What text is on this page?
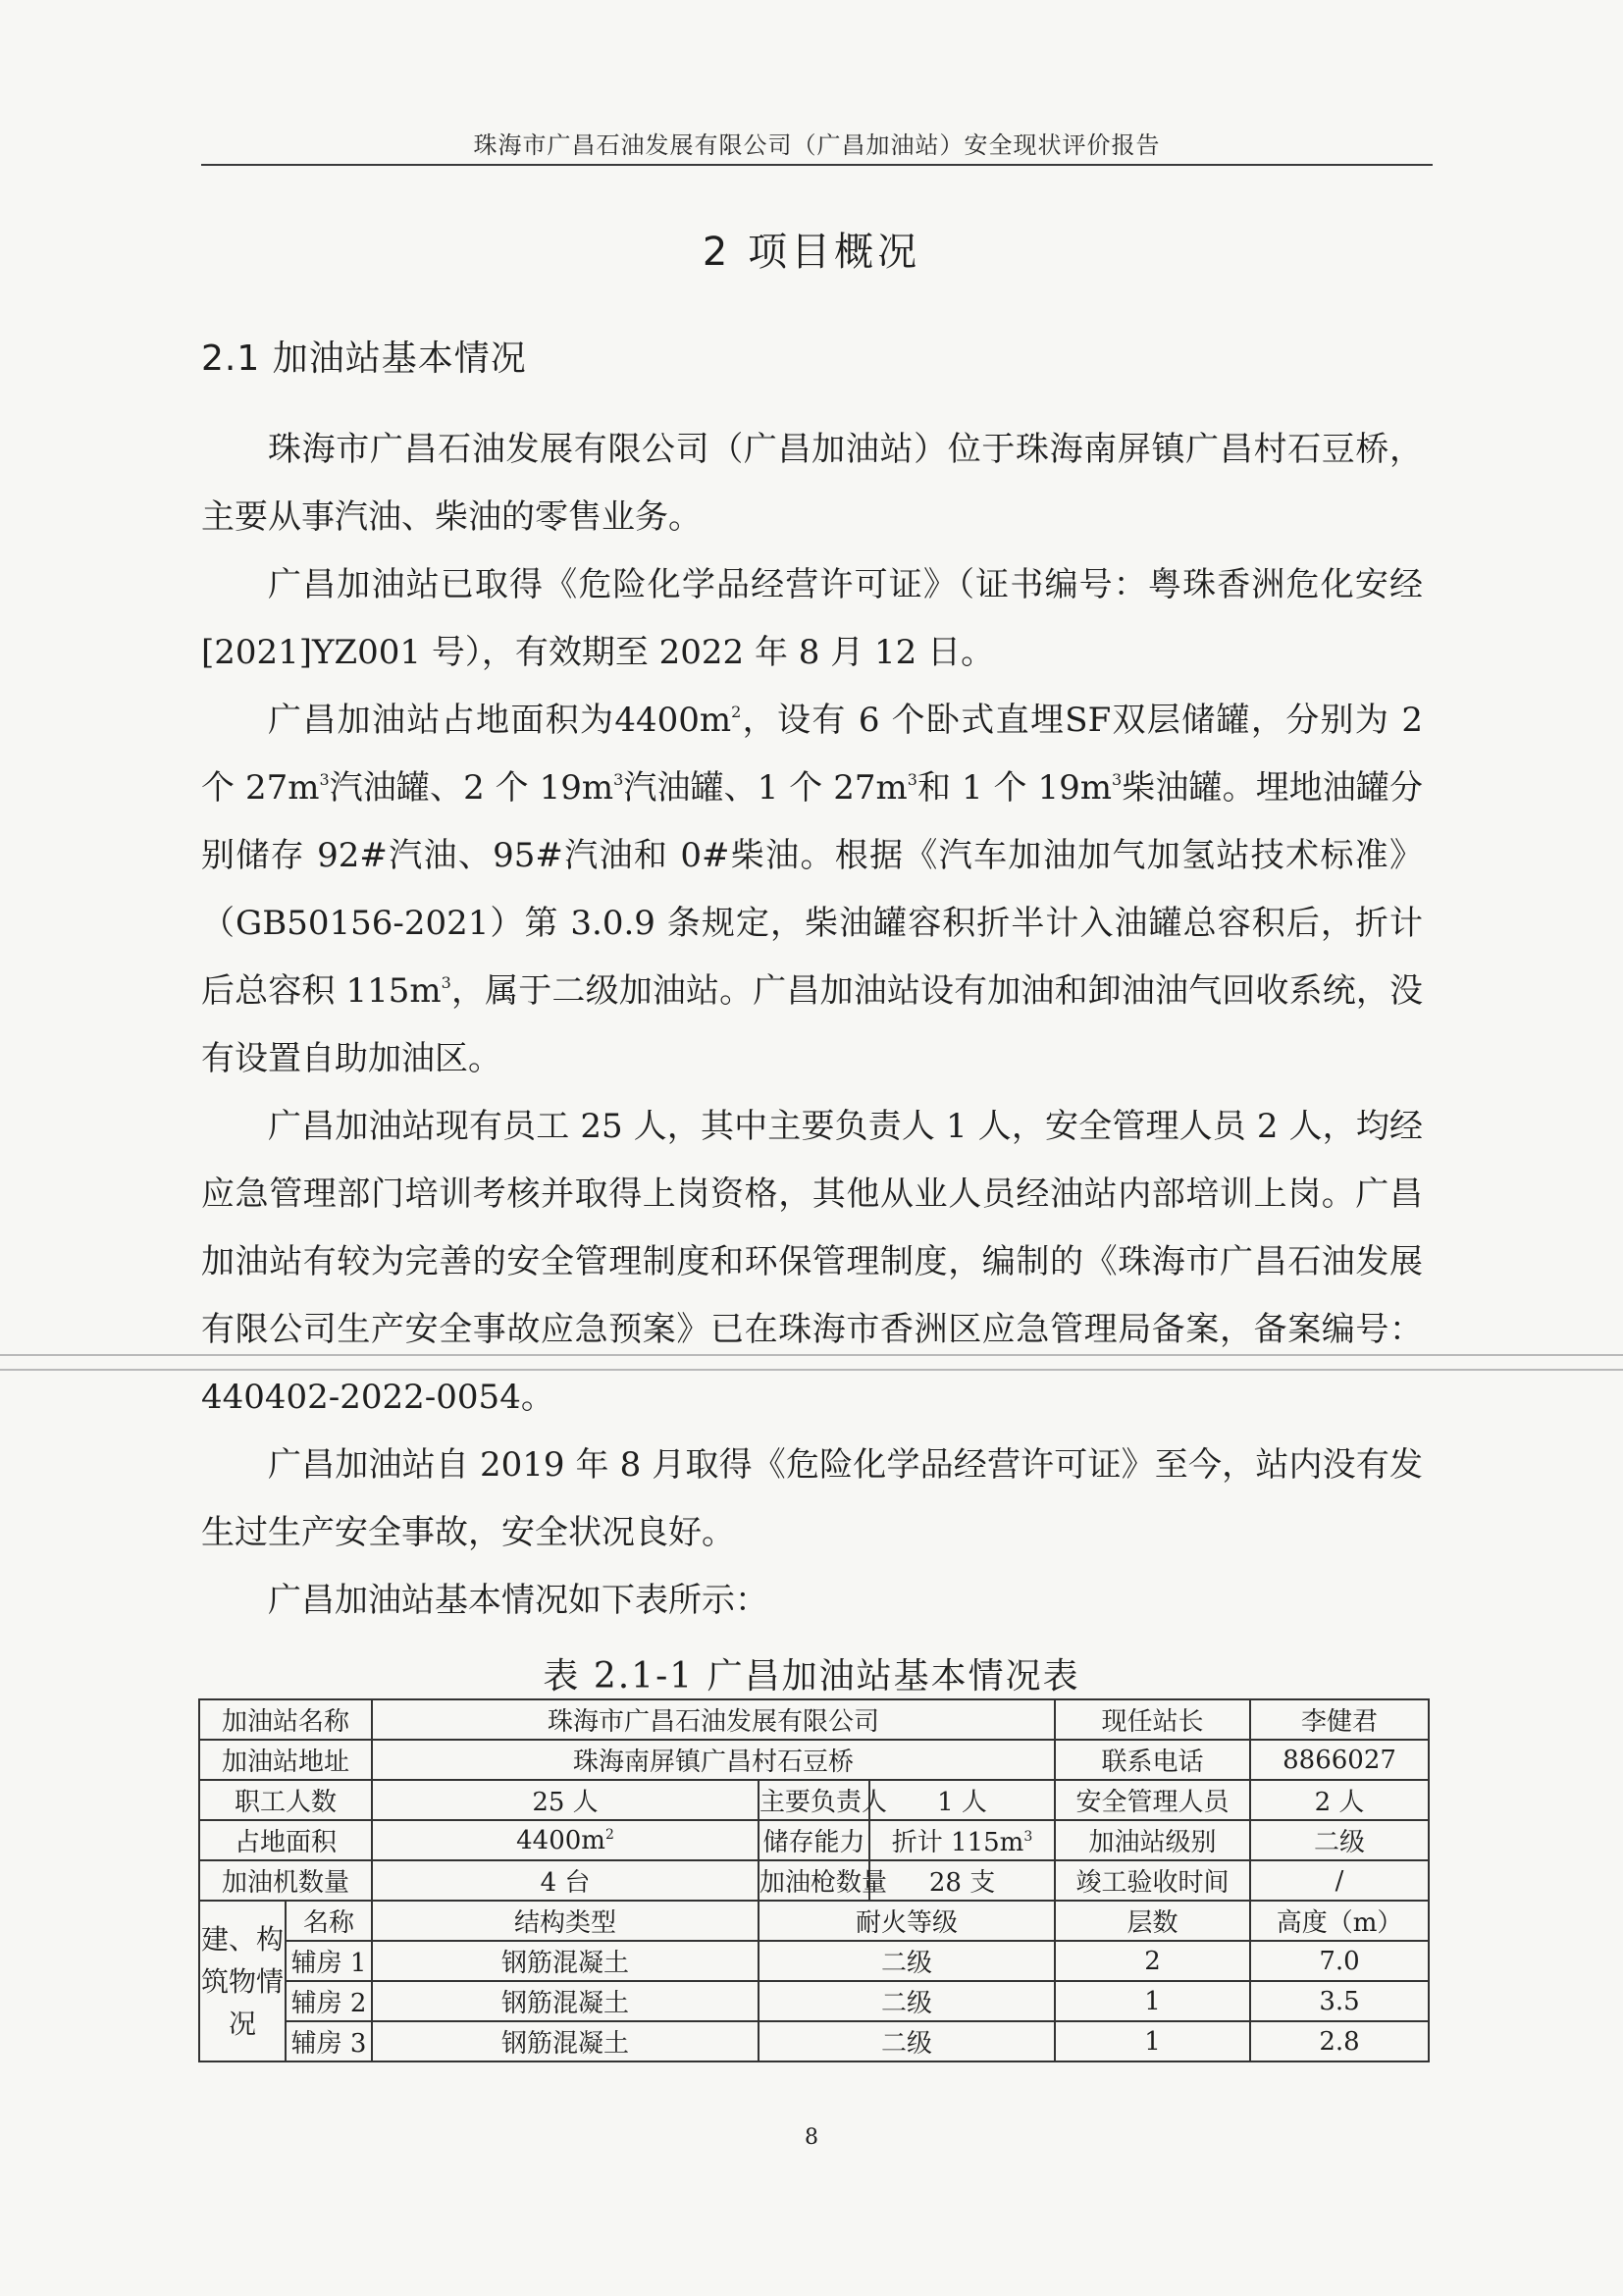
珠海市广昌石油发展有限公司（广昌加油站）安全现状评价报告
2 项目概况
2.1 加油站基本情况

珠海市广昌石油发展有限公司（广昌加油站）位于珠海南屏镇广昌村石豆桥，主要从事汽油、柴油的零售业务。

广昌加油站已取得《危险化学品经营许可证》（证书编号：粤珠香洲危化安经[2021]YZ001 号），有效期至 2022 年 8 月 12 日。

广昌加油站占地面积为$4400m^2$，设有 6 个卧式直埋SF双层储罐，分别为 2 个 $27m^3$汽油罐、2 个 $19m^3$汽油罐、1 个 $27m^3$和 1 个 $19m^3$柴油罐。埋地油罐分别储存 92#汽油、95#汽油和 0#柴油。根据《汽车加油加气加氢站技术标准》（GB50156-2021）第 3.0.9 条规定，柴油罐容积折半计入油罐总容积后，折计后总容积 $115m^3$，属于二级加油站。广昌加油站设有加油和卸油油气回收系统，没有设置自助加油区。

广昌加油站现有员工 25 人，其中主要负责人 1 人，安全管理人员 2 人，均经应急管理部门培训考核并取得上岗资格，其他从业人员经油站内部培训上岗。广昌加油站有较为完善的安全管理制度和环保管理制度，编制的《珠海市广昌石油发展有限公司生产安全事故应急预案》已在珠海市香洲区应急管理局备案，备案编号：440402-2022-0054。

广昌加油站自 2019 年 8 月取得《危险化学品经营许可证》至今，站内没有发生过生产安全事故，安全状况良好。

广昌加油站基本情况如下表所示：

表 2.1-1 广昌加油站基本情况表
加油站名称		珠海市广昌石油发展有限公司			现任站长	李健君	
加油站地址		珠海南屏镇广昌村石豆桥			联系电话	8866027	
职工人数		25 人	主要负责人	1 人	安全管理人员	2 人	
占地面积		$4400m^2$	储存能力	折计 $115m^3$	加油站级别	二级	
加油机数量		4 台	加油枪数量	28 支	竣工验收时间	/	
建、构筑物情况	名称	结构类型	耐火等级		层数	高度（m）	
	辅房 1	钢筋混凝土	二级		2	7.0	
	辅房 2	钢筋混凝土	二级		1	3.5	
	辅房 3	钢筋混凝土	二级		1	2.8	
8
